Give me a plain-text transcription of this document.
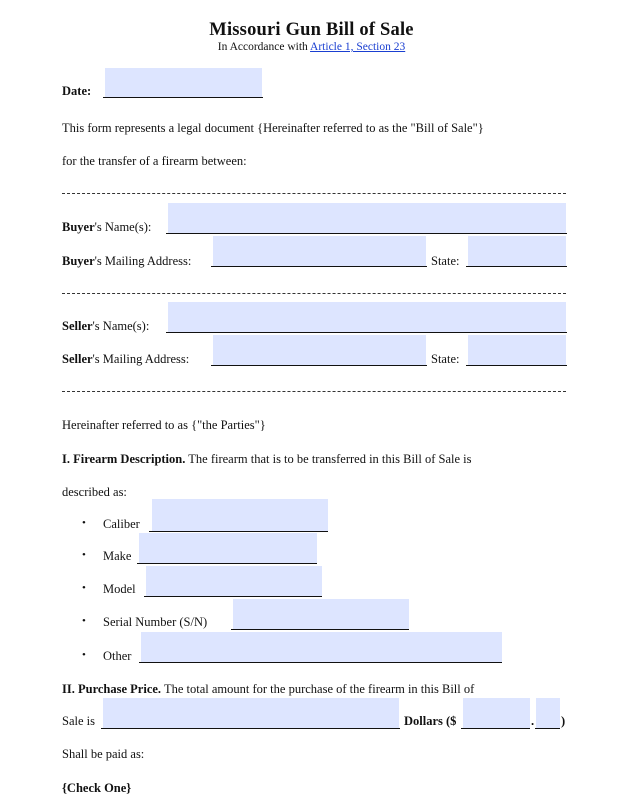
Missouri Gun Bill of Sale
In Accordance with Article 1, Section 23
Date:
This form represents a legal document {Hereinafter referred to as the "Bill of Sale"}
for the transfer of a firearm between:
Buyer's Name(s):
Buyer's Mailing Address:	State:
Seller's Name(s):
Seller's Mailing Address:	State:
Hereinafter referred to as {"the Parties"}
I. Firearm Description. The firearm that is to be transferred in this Bill of Sale is
described as:
• Caliber
• Make
• Model
• Serial Number (S/N)
• Other
II. Purchase Price. The total amount for the purchase of the firearm in this Bill of
Sale is	Dollars ($	. )
Shall be paid as:
{Check One}
